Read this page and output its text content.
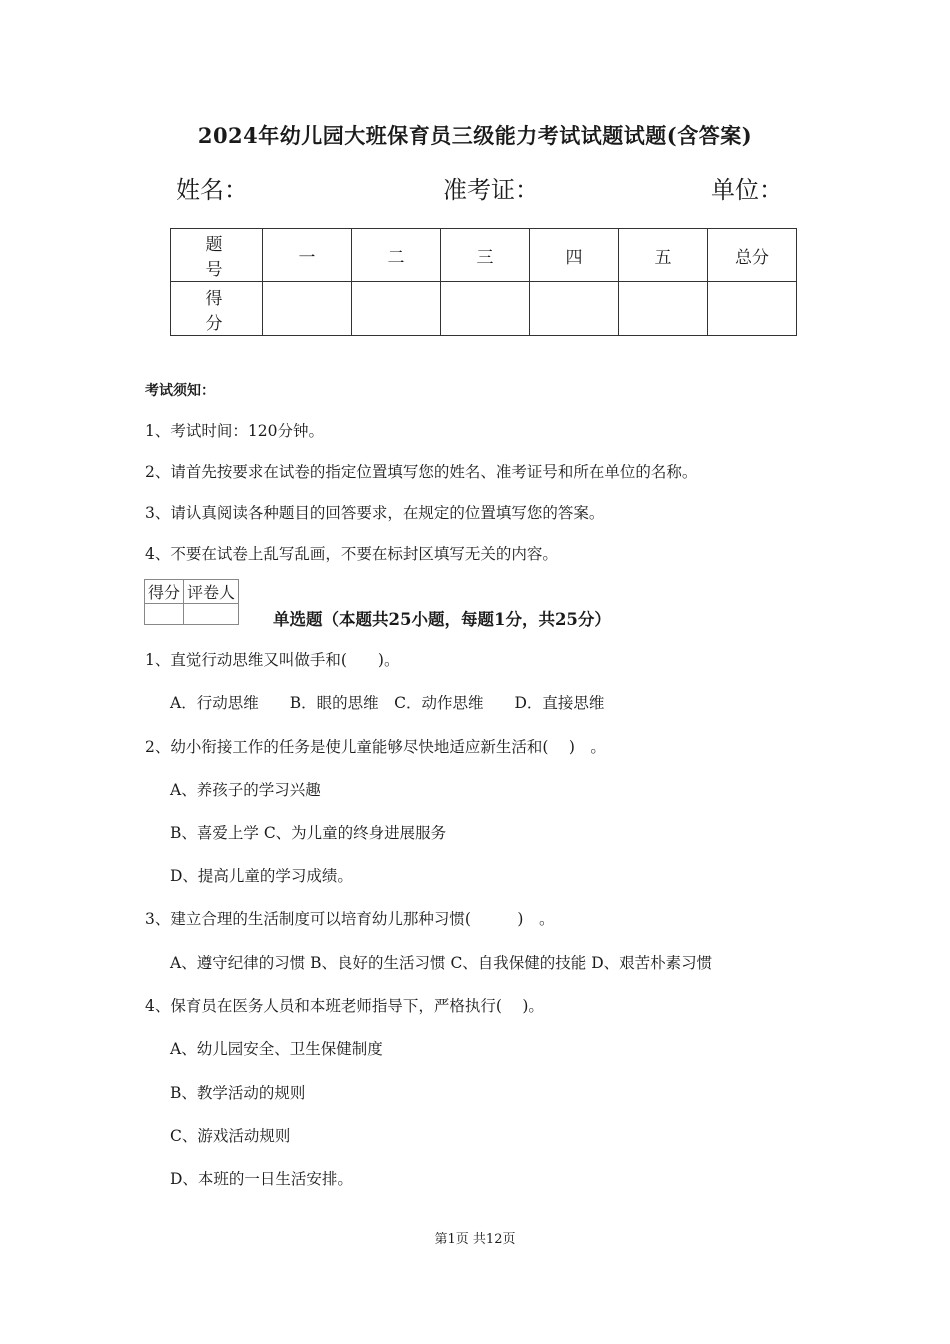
2024年幼儿园大班保育员三级能力考试试题试题(含答案)
姓名：	准考证：	单位：
题　号	一	二	三	四	五	总分
得　分						
考试须知：
1、考试时间：120分钟。
2、请首先按要求在试卷的指定位置填写您的姓名、准考证号和所在单位的名称。
3、请认真阅读各种题目的回答要求，在规定的位置填写您的答案。
4、不要在试卷上乱写乱画，不要在标封区填写无关的内容。
得分	评卷人

单选题（本题共25小题，每题1分，共25分）
1、直觉行动思维又叫做手和(　　)。
A．行动思维　　B．眼的思维　C．动作思维　　D．直接思维
2、幼小衔接工作的任务是使儿童能够尽快地适应新生活和(　 )　。
A、养孩子的学习兴趣
B、喜爱上学 C、为儿童的终身进展服务
D、提高儿童的学习成绩。
3、建立合理的生活制度可以培育幼儿那种习惯(　　　)　。
A、遵守纪律的习惯 B、良好的生活习惯 C、自我保健的技能 D、艰苦朴素习惯
4、保育员在医务人员和本班老师指导下，严格执行(　 )。
A、幼儿园安全、卫生保健制度
B、教学活动的规则
C、游戏活动规则
D、本班的一日生活安排。
第1页 共12页
